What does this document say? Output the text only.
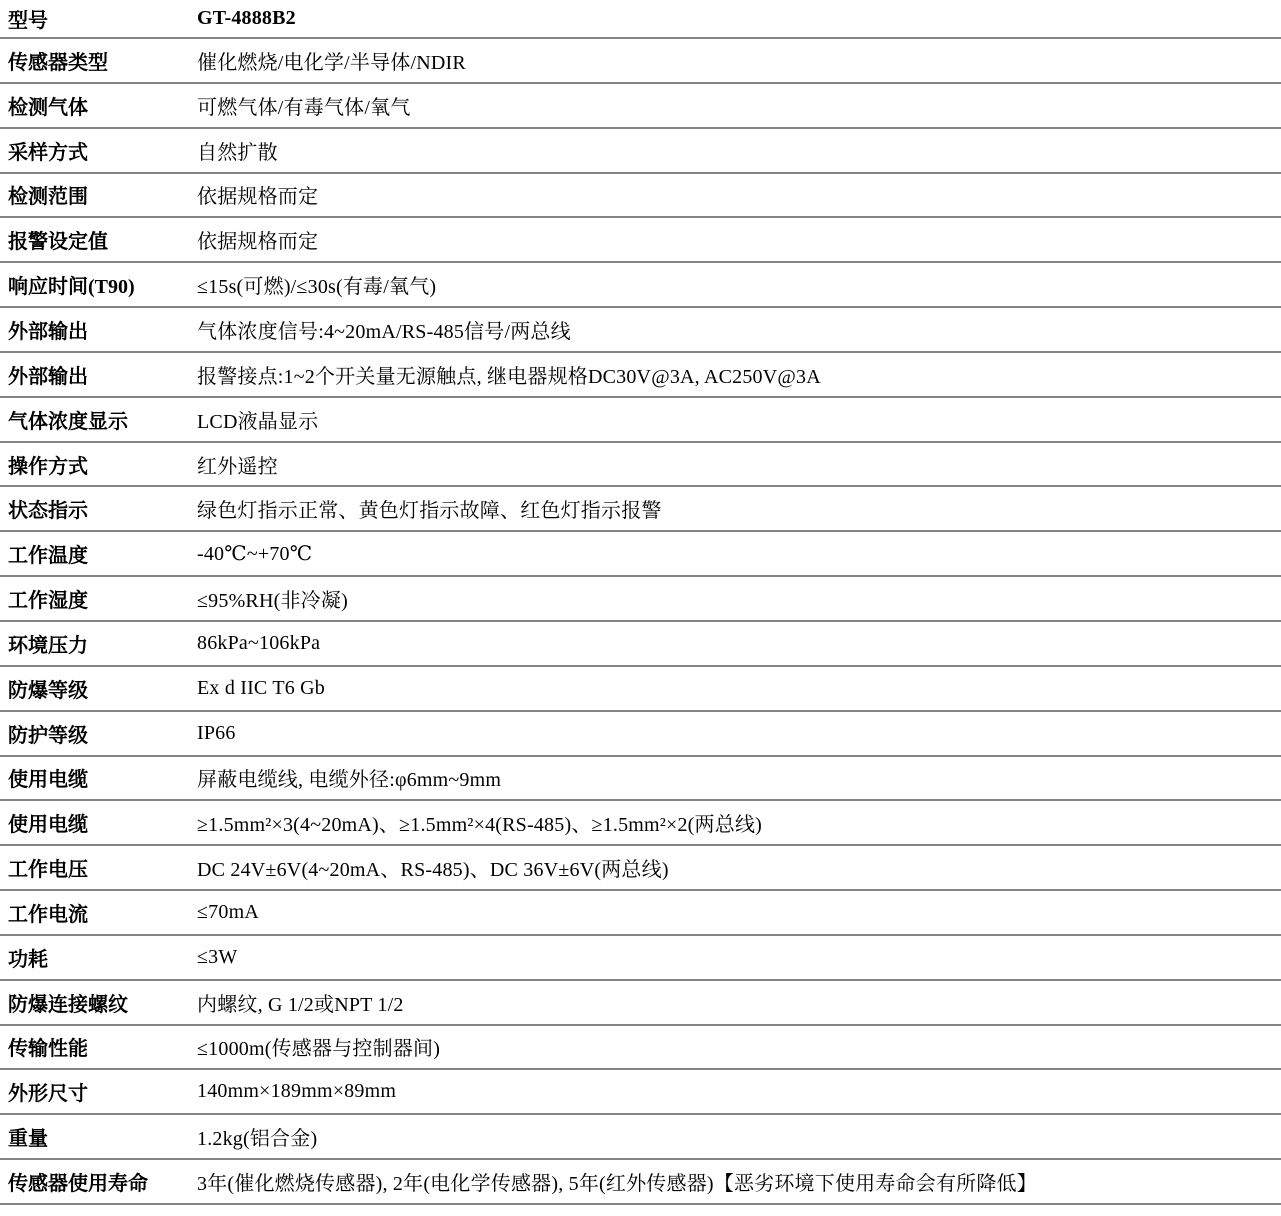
型号	GT-4888B2
传感器类型	催化燃烧/电化学/半导体/NDIR
检测气体	可燃气体/有毒气体/氧气
采样方式	自然扩散
检测范围	依据规格而定
报警设定值	依据规格而定
响应时间(T90)	≤15s(可燃)/≤30s(有毒/氧气)
外部输出	气体浓度信号:4~20mA/RS-485信号/两总线
外部输出	报警接点:1~2个开关量无源触点, 继电器规格DC30V@3A, AC250V@3A
气体浓度显示	LCD液晶显示
操作方式	红外遥控
状态指示	绿色灯指示正常、黄色灯指示故障、红色灯指示报警
工作温度	-40℃~+70℃
工作湿度	≤95%RH(非冷凝)
环境压力	86kPa~106kPa
防爆等级	Ex d IIC T6 Gb
防护等级	IP66
使用电缆	屏蔽电缆线, 电缆外径:φ6mm~9mm
使用电缆	≥1.5mm²×3(4~20mA)、≥1.5mm²×4(RS-485)、≥1.5mm²×2(两总线)
工作电压	DC 24V±6V(4~20mA、RS-485)、DC 36V±6V(两总线)
工作电流	≤70mA
功耗	≤3W
防爆连接螺纹	内螺纹, G 1/2或NPT 1/2
传输性能	≤1000m(传感器与控制器间)
外形尺寸	140mm×189mm×89mm
重量	1.2kg(铝合金)
传感器使用寿命	3年(催化燃烧传感器), 2年(电化学传感器), 5年(红外传感器)【恶劣环境下使用寿命会有所降低】
